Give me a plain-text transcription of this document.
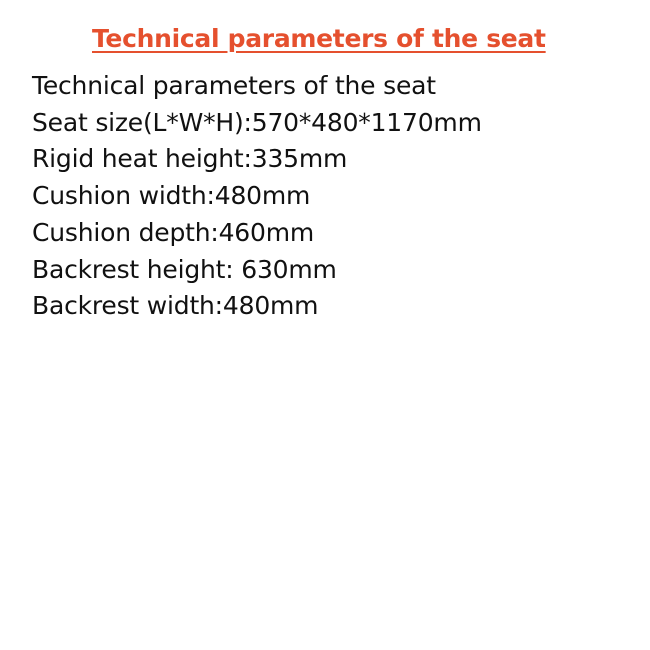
Technical parameters of the seat
Technical parameters of the seat
Seat size(L*W*H):570*480*1170mm
Rigid heat height:335mm
Cushion width:480mm
Cushion depth:460mm
Backrest height: 630mm
Backrest width:480mm
